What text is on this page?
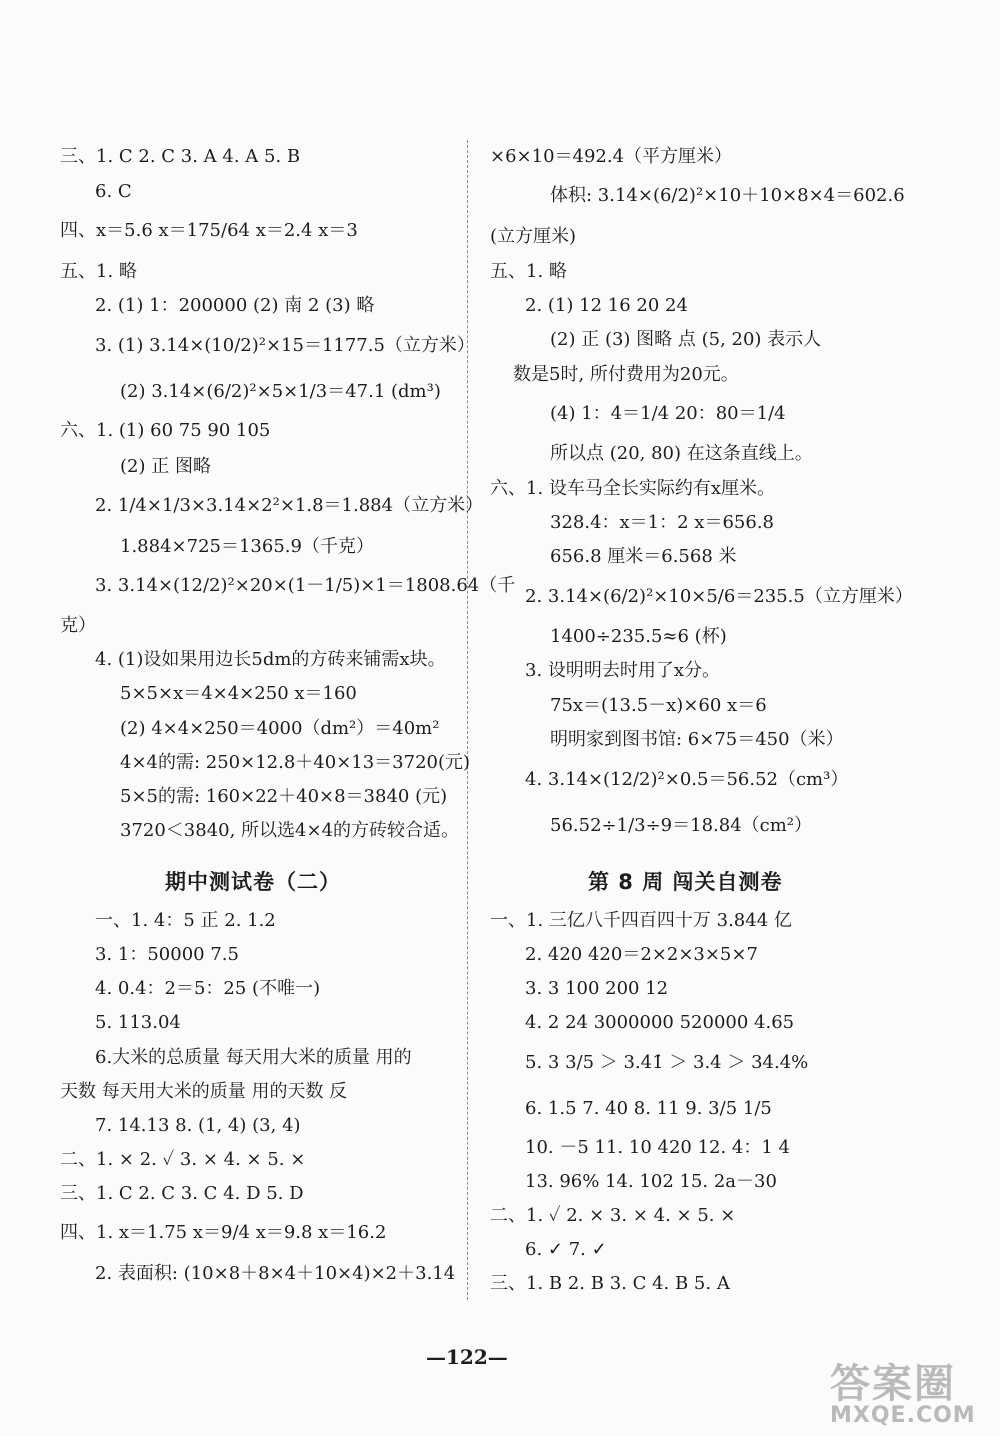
期中测试卷（二）	第 8 周 闯关自测卷
三、1. C 2. C 3. A 4. A 5. B
6. C
四、x＝5.6 x＝175/64 x＝2.4 x＝3
五、1. 略
2. (1) 1：200000 (2) 南 2 (3) 略
3. (1) 3.14×(10/2)²×15＝1177.5（立方米）
(2) 3.14×(6/2)²×5×1/3＝47.1 (dm³)
六、1. (1) 60 75 90 105
(2) 正 图略
2. 1/4×1/3×3.14×2²×1.8＝1.884（立方米）
1.884×725＝1365.9（千克）
3. 3.14×(12/2)²×20×(1－1/5)×1＝1808.64（千
克）
4. (1)设如果用边长5dm的方砖来铺需x块。
5×5×x＝4×4×250 x＝160
(2) 4×4×250＝4000（dm²）＝40m²
4×4的需: 250×12.8＋40×13＝3720(元)
5×5的需: 160×22＋40×8＝3840 (元)
3720＜3840, 所以选4×4的方砖较合适。
一、1. 4：5 正 2. 1.2
3. 1：50000 7.5
4. 0.4：2＝5：25 (不唯一)
5. 113.04
6.大米的总质量 每天用大米的质量 用的
天数 每天用大米的质量 用的天数 反
7. 14.13 8. (1, 4) (3, 4)
二、1. × 2. ✓ 3. × 4. × 5. ×
三、1. C 2. C 3. C 4. D 5. D
四、1. x＝1.75 x＝9/4 x＝9.8 x＝16.2
2. 表面积: (10×8＋8×4＋10×4)×2＋3.14
×6×10＝492.4（平方厘米）
体积: 3.14×(6/2)²×10＋10×8×4＝602.6
(立方厘米)
五、1. 略
2. (1) 12 16 20 24
(2) 正 (3) 图略 点 (5, 20) 表示人
数是5时, 所付费用为20元。
(4) 1：4＝1/4 20：80＝1/4
所以点 (20, 80) 在这条直线上。
六、1. 设车马全长实际约有x厘米。
328.4：x＝1：2 x＝656.8
656.8 厘米＝6.568 米
2. 3.14×(6/2)²×10×5/6＝235.5（立方厘米）
1400÷235.5≈6 (杯)
3. 设明明去时用了x分。
75x＝(13.5－x)×60 x＝6
明明家到图书馆: 6×75＝450（米）
4. 3.14×(12/2)²×0.5＝56.52（cm³）
56.52÷1/3÷9＝18.84（cm²）
一、1. 三亿八千四百四十万 3.844 亿
2. 420 420＝2×2×3×5×7
3. 3 100 200 12
4. 2 24 3000000 520000 4.65
5. 3 3/5 ＞ 3.41̇ ＞ 3.4 ＞ 34.4%
6. 1.5 7. 40 8. 11 9. 3/5 1/5
10. －5 11. 10 420 12. 4：1 4
13. 96% 14. 102 15. 2a－30
二、1. ✓ 2. × 3. × 4. × 5. ×
6. ✓ 7. ✓
三、1. B 2. B 3. C 4. B 5. A
—122—
答案圈
MXQE.COM
